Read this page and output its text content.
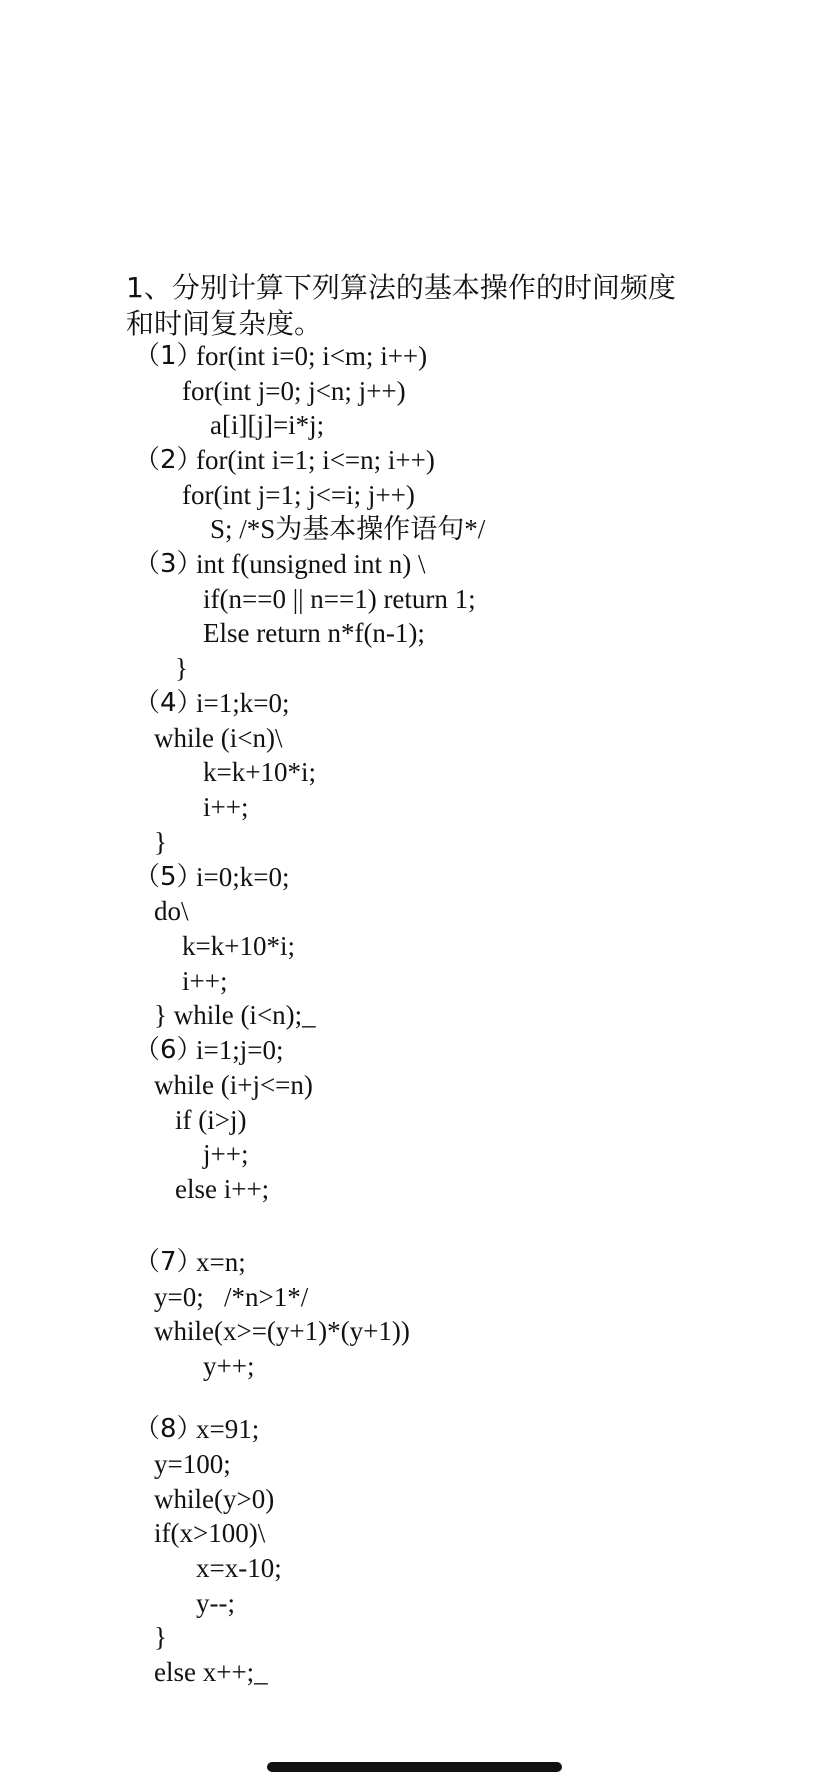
1、分别计算下列算法的基本操作的时间频度
和时间复杂度。
（1）
for(int i=0; i<m; i++)
for(int j=0; j<n; j++)
a[i][j]=i*j;
（2）
for(int i=1; i<=n; i++)
for(int j=1; j<=i; j++)
S; /*S为基本操作语句*/
（3）
int f(unsigned int n) \
if(n==0 || n==1) return 1;
Else return n*f(n-1);
}
（4）
i=1;k=0;
while (i<n)\
k=k+10*i;
i++;
}
（5）
i=0;k=0;
do\
k=k+10*i;
i++;
} while (i<n);_
（6）
i=1;j=0;
while (i+j<=n)
if (i>j)
j++;
else i++;
（7）
x=n;
y=0;   /*n>1*/
while(x>=(y+1)*(y+1))
y++;
（8）
x=91;
y=100;
while(y>0)
if(x>100)\
x=x-10;
y--;
}
else x++;_
